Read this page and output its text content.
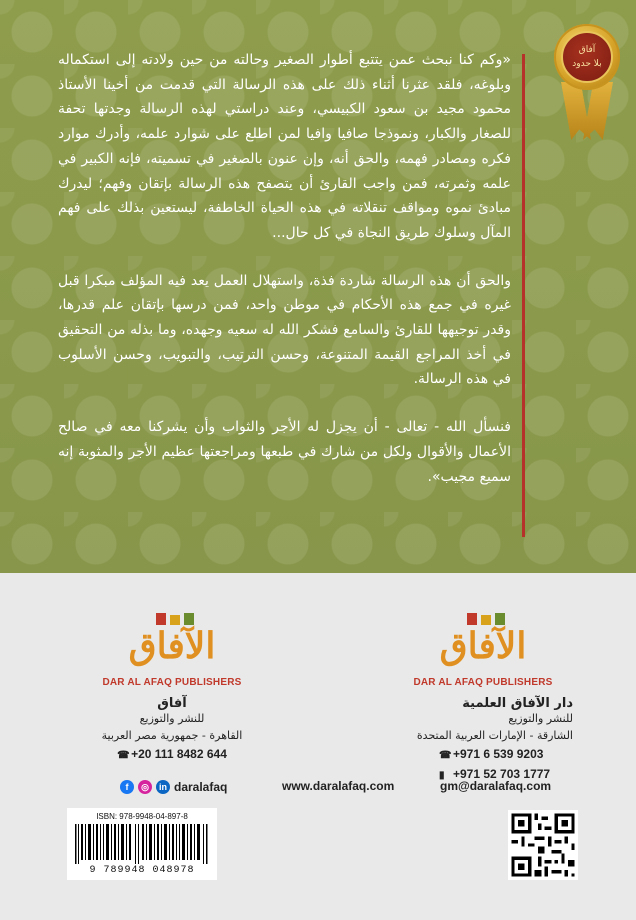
«وكم كنا نبحث عمن يتتبع أطوار الصغير وحالته من حين ولادته إلى استكماله وبلوغه، فلقد عثرنا أثناء ذلك على هذه الرسالة التي قدمت من أخينا الأستاذ محمود مجيد بن سعود الكبيسي، وعند دراستي لهذه الرسالة وجدتها تحفة للصغار والكبار، ونموذجا صافيا وافيا لمن اطلع على شوارد علمه، وأدرك موارد فكره ومصادر فهمه، والحق أنه، وإن عنون بالصغير في تسميته، فإنه الكبير في علمه وثمرته، فمن واجب القارئ أن يتصفح هذه الرسالة بإتقان وفهم؛ ليدرك مبادئ نموه ومواقف تنقلاته في هذه الحياة الخاطفة، ليستعين بذلك على فهم المآل وسلوك طريق النجاة في كل حال...

والحق أن هذه الرسالة شاردة فذة، واستهلال العمل يعد فيه المؤلف مبكرا قبل غيره في جمع هذه الأحكام في موطن واحد، فمن درسها بإتقان علم قدرها، وقدر توجيهها للقارئ والسامع فشكر الله له سعيه وجهده، وما بذله من التحقيق في أخذ المراجع القيمة المتنوعة، وحسن الترتيب، والتبويب، وحسن الأسلوب في هذه الرسالة.

فنسأل الله - تعالى - أن يجزل له الأجر والثواب وأن يشركنا معه في صالح الأعمال والأقوال ولكل من شارك في طبعها ومراجعتها عظيم الأجر والمثوبة إنه سميع مجيب».

آفاق
بلا حدود
الآفاق
DAR AL AFAQ PUBLISHERS
آفاق
للنشر والتوزيع
القاهرة - جمهورية مصر العربية
☎ +20 111 8482 644
الآفاق
DAR AL AFAQ PUBLISHERS
دار الآفاق العلمية
للنشر والتوزيع
الشارقة - الإمارات العربية المتحدة
☎ +971 6 539 9203
▮ +971 52 703 1777
f	◎	in daralafaq	www.daralafaq.com	gm@daralafaq.com
ISBN: 978-9948-04-897-8
9 789948 048978
